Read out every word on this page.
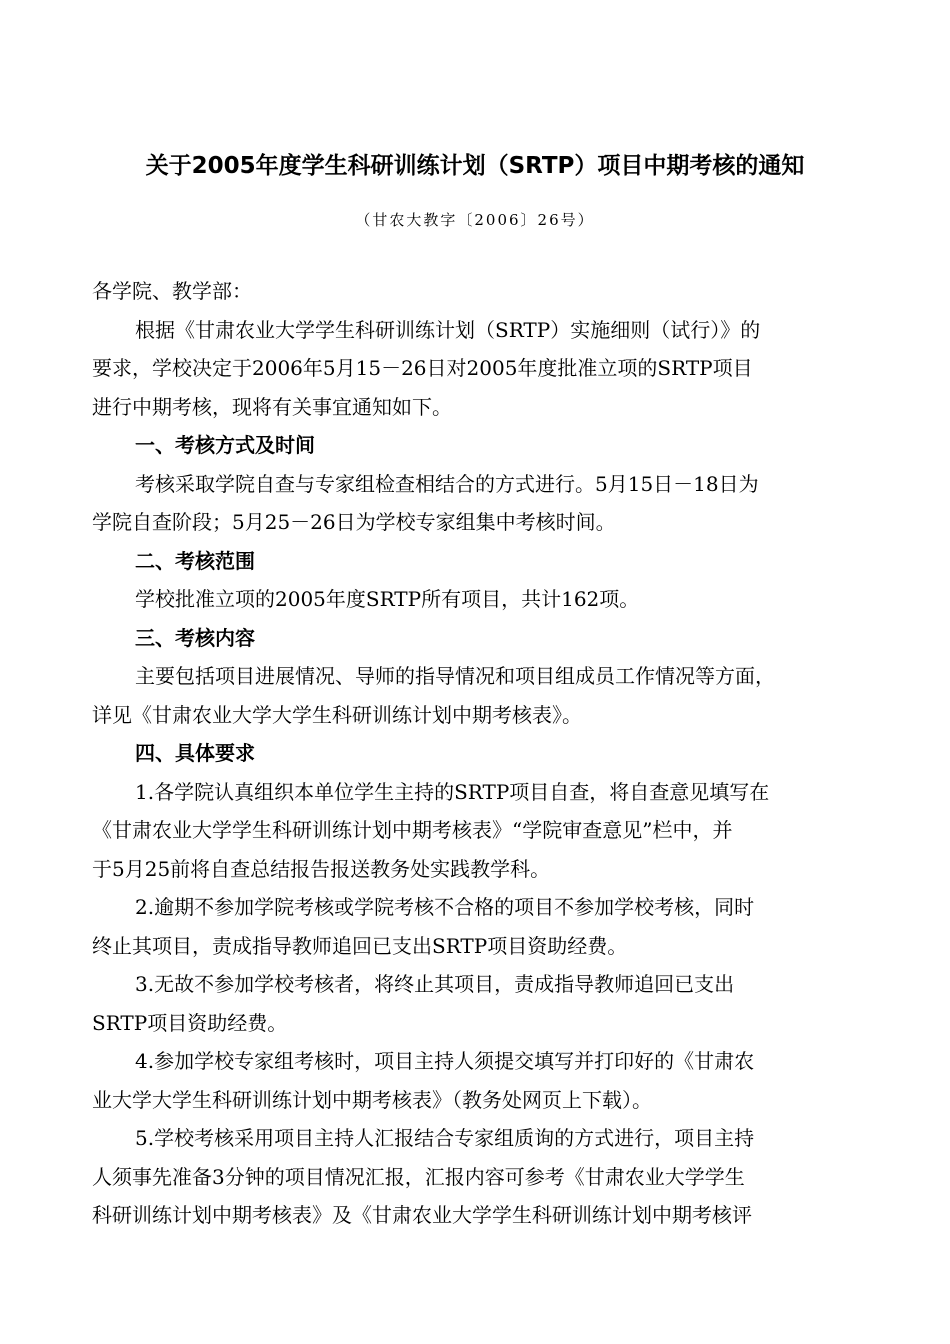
关于2005年度学生科研训练计划（SRTP）项目中期考核的通知
（甘农大教字〔2006〕26号）
各学院、教学部：
根据《甘肃农业大学学生科研训练计划（SRTP）实施细则（试行）》的
要求，学校决定于2006年5月15－26日对2005年度批准立项的SRTP项目
进行中期考核，现将有关事宜通知如下。
一、考核方式及时间
考核采取学院自查与专家组检查相结合的方式进行。5月15日－18日为
学院自查阶段；5月25－26日为学校专家组集中考核时间。
二、考核范围
学校批准立项的2005年度SRTP所有项目，共计162项。
三、考核内容
主要包括项目进展情况、导师的指导情况和项目组成员工作情况等方面，
详见《甘肃农业大学大学生科研训练计划中期考核表》。
四、具体要求
1.各学院认真组织本单位学生主持的SRTP项目自查，将自查意见填写在
《甘肃农业大学学生科研训练计划中期考核表》“学院审查意见”栏中，并
于5月25前将自查总结报告报送教务处实践教学科。
2.逾期不参加学院考核或学院考核不合格的项目不参加学校考核，同时
终止其项目，责成指导教师追回已支出SRTP项目资助经费。
3.无故不参加学校考核者，将终止其项目，责成指导教师追回已支出
SRTP项目资助经费。
4.参加学校专家组考核时，项目主持人须提交填写并打印好的《甘肃农
业大学大学生科研训练计划中期考核表》（教务处网页上下载）。
5.学校考核采用项目主持人汇报结合专家组质询的方式进行，项目主持
人须事先准备3分钟的项目情况汇报，汇报内容可参考《甘肃农业大学学生
科研训练计划中期考核表》及《甘肃农业大学学生科研训练计划中期考核评
